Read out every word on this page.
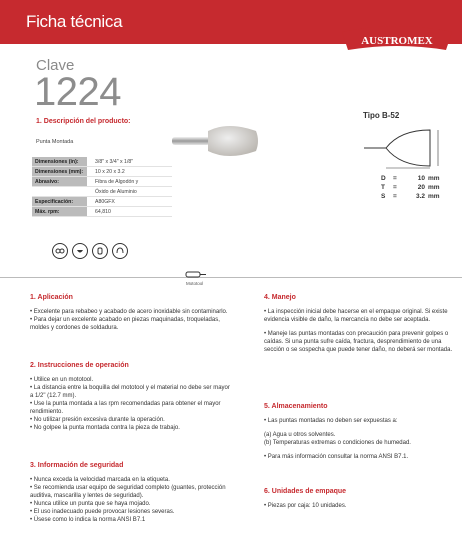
Ficha técnica
AUSTROMEX
Clave
1224
1. Descripción del producto:
Punta Montada
Dimensiones (in):	3/8" x 3/4" x 1/8"
Dimensiones (mm):	10 x 20 x 3.2
Abrasivo:	Fibra de Algodón y
Óxido de Aluminio
Especificación:	A80GFX
Máx. rpm:	64,810
Tipo B-52
D	=	10 mm
T	=	20 mm
S	=	3.2 mm
Mototool

1. Aplicación

• Excelente para rebabeo y acabado de acero inoxidable sin contaminarlo.

• Para dejar un excelente acabado en piezas maquinadas, troqueladas, moldes y cordones de soldadura.

2. Instrucciones de operación

• Utilice en un mototool.

• La distancia entre la boquilla del mototool y el material no debe ser mayor a 1/2" (12.7 mm).

• Use la punta montada a las rpm recomendadas para obtener el mayor rendimiento.

• No utilizar presión excesiva durante la operación.

• No golpee la punta montada contra la pieza de trabajo.

3. Información de seguridad

• Nunca exceda la velocidad marcada en la etiqueta.

• Se recomienda usar equipo de seguridad completo (guantes, protección auditiva, mascarilla y lentes de seguridad).

• Nunca utilice un punta que se haya mojado.

• El uso inadecuado puede provocar lesiones severas.

• Úsese como lo indica la norma ANSI B7.1

4. Manejo

• La inspección inicial debe hacerse en el empaque original. Si existe evidencia visible de daño, la mercancía no debe ser aceptada.

• Maneje las puntas montadas con precaución para prevenir golpes o caídas. Si una punta sufre caída, fractura, desprendimiento de una sección o se sospecha que puede tener daño, no deberá ser montada.

5. Almacenamiento

• Las puntas montadas no deben ser expuestas a:

(a) Agua u otros solventes.

(b) Temperaturas extremas o condiciones de humedad.

• Para más información consultar la norma ANSI B7.1.

6. Unidades de empaque

• Piezas por caja: 10 unidades.
